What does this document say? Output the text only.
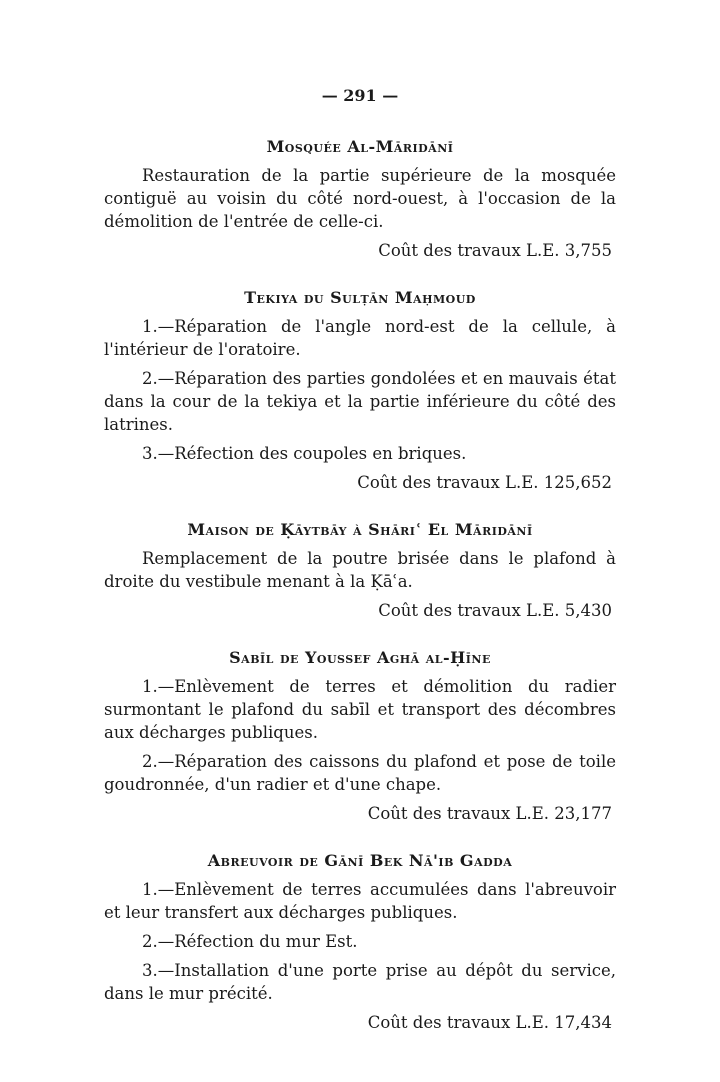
— 291 —
Mosquée Al-Māridānī

Restauration de la partie supérieure de la mosquée contiguë au voisin du côté nord-ouest, à l'occasion de la démolition de l'entrée de celle-ci.

Coût des travaux L.E. 3,755
Tekiya du Sulṭān Maḥmoud

1.—Réparation de l'angle nord-est de la cellule, à l'intérieur de l'oratoire.

2.—Réparation des parties gondolées et en mauvais état dans la cour de la tekiya et la partie inférieure du côté des latrines.

3.—Réfection des coupoles en briques.

Coût des travaux L.E. 125,652
Maison de Ḳāytbāy à Shāriʿ El Māridānī

Remplacement de la poutre brisée dans le plafond à droite du vestibule menant à la Ḳāʿa.

Coût des travaux L.E. 5,430
Sabīl de Youssef Aghā al-Ḥīne

1.—Enlèvement de terres et démolition du radier surmontant le plafond du sabīl et transport des décombres aux décharges publiques.

2.—Réparation des caissons du plafond et pose de toile goudronnée, d'un radier et d'une chape.

Coût des travaux L.E. 23,177
Abreuvoir de Gānī Bek Nā'ib Gadda

1.—Enlèvement de terres accumulées dans l'abreuvoir et leur transfert aux décharges publiques.

2.—Réfection du mur Est.

3.—Installation d'une porte prise au dépôt du service, dans le mur précité.

Coût des travaux L.E. 17,434
